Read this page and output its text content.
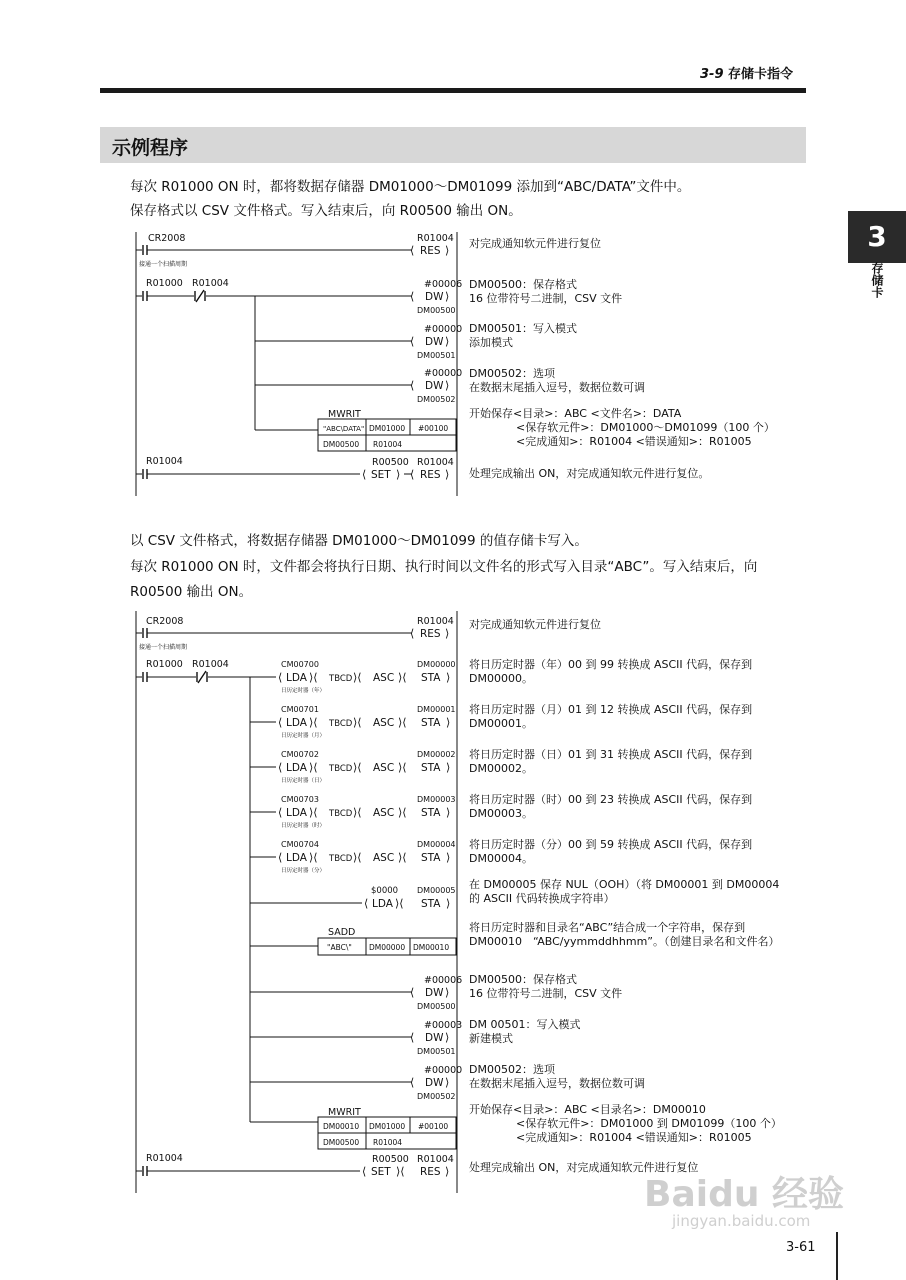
3-9 存储卡指令
3
存储卡
示例程序
每次 R01000 ON 时，都将数据存储器 DM01000～DM01099 添加到“ABC/DATA”文件中。
保存格式以 CSV 文件格式。写入结束后，向 R00500 输出 ON。
CR2008
接通一个扫描周期
R01000 R01004
R01004
R01004
⟨ RES ⟩
#00006
⟨ DW ⟩
DM00500
#00000
⟨ DW ⟩
DM00501
#00000
⟨ DW ⟩
DM00502
MWRIT
"ABC\DATA" DM01000 #00100
DM00500 R01004
R00500 R01004
⟨ SET ⟩ ⟨ RES ⟩
对完成通知软元件进行复位
DM00500：保存格式
16 位带符号二进制，CSV 文件
DM00501：写入模式
添加模式
DM00502：选项
在数据末尾插入逗号，数据位数可调
开始保存<目录>：ABC <文件名>：DATA
<保存软元件>：DM01000～DM01099（100 个）
<完成通知>：R01004 <错误通知>：R01005
处理完成输出 ON，对完成通知软元件进行复位。
以 CSV 文件格式，将数据存储器 DM01000～DM01099 的值存储卡写入。
每次 R01000 ON 时，文件都会将执行日期、执行时间以文件名的形式写入目录“ABC”。写入结束后，向
R00500 输出 ON。
CR2008
接通一个扫描周期
R01000 R01004
R01004
R01004
⟨ RES ⟩
CM00700	DM00000
⟨ LDA ⟩⟨ TBCD ⟩⟨ ASC ⟩⟨ STA ⟩
日历定时器（年）
CM00701	DM00001
⟨ LDA ⟩⟨ TBCD ⟩⟨ ASC ⟩⟨ STA ⟩
日历定时器（月）
CM00702	DM00002
⟨ LDA ⟩⟨ TBCD ⟩⟨ ASC ⟩⟨ STA ⟩
日历定时器（日）
CM00703	DM00003
⟨ LDA ⟩⟨ TBCD ⟩⟨ ASC ⟩⟨ STA ⟩
日历定时器（时）
CM00704	DM00004
⟨ LDA ⟩⟨ TBCD ⟩⟨ ASC ⟩⟨ STA ⟩
日历定时器（分）
$0000 DM00005
⟨ LDA ⟩⟨ STA ⟩
SADD
"ABC\" DM00000 DM00010
#00006
⟨ DW ⟩
DM00500
#00003
⟨ DW ⟩
DM00501
#00000
⟨ DW ⟩
DM00502
MWRIT
DM00010 DM01000 #00100
DM00500 R01004
R00500 R01004
⟨ SET ⟩⟨ RES ⟩
对完成通知软元件进行复位
将日历定时器（年）00 到 99 转换成 ASCII 代码，保存到
DM00000。
将日历定时器（月）01 到 12 转换成 ASCII 代码，保存到
DM00001。
将日历定时器（日）01 到 31 转换成 ASCII 代码，保存到
DM00002。
将日历定时器（时）00 到 23 转换成 ASCII 代码，保存到
DM00003。
将日历定时器（分）00 到 59 转换成 ASCII 代码，保存到
DM00004。
在 DM00005 保存 NUL（OOH）（将 DM00001 到 DM00004
的 ASCII 代码转换成字符串）
将日历定时器和目录名“ABC”结合成一个字符串，保存到
DM00010　“ABC/yymmddhhmm”。（创建目录名和文件名）
DM00500：保存格式
16 位带符号二进制，CSV 文件
DM 00501：写入模式
新建模式
DM00502：选项
在数据末尾插入逗号，数据位数可调
开始保存<目录>：ABC <目录名>：DM00010
<保存软元件>：DM01000 到 DM01099（100 个）
<完成通知>：R01004 <错误通知>：R01005
处理完成输出 ON，对完成通知软元件进行复位
Baidu 经验
jingyan.baidu.com
3-61
